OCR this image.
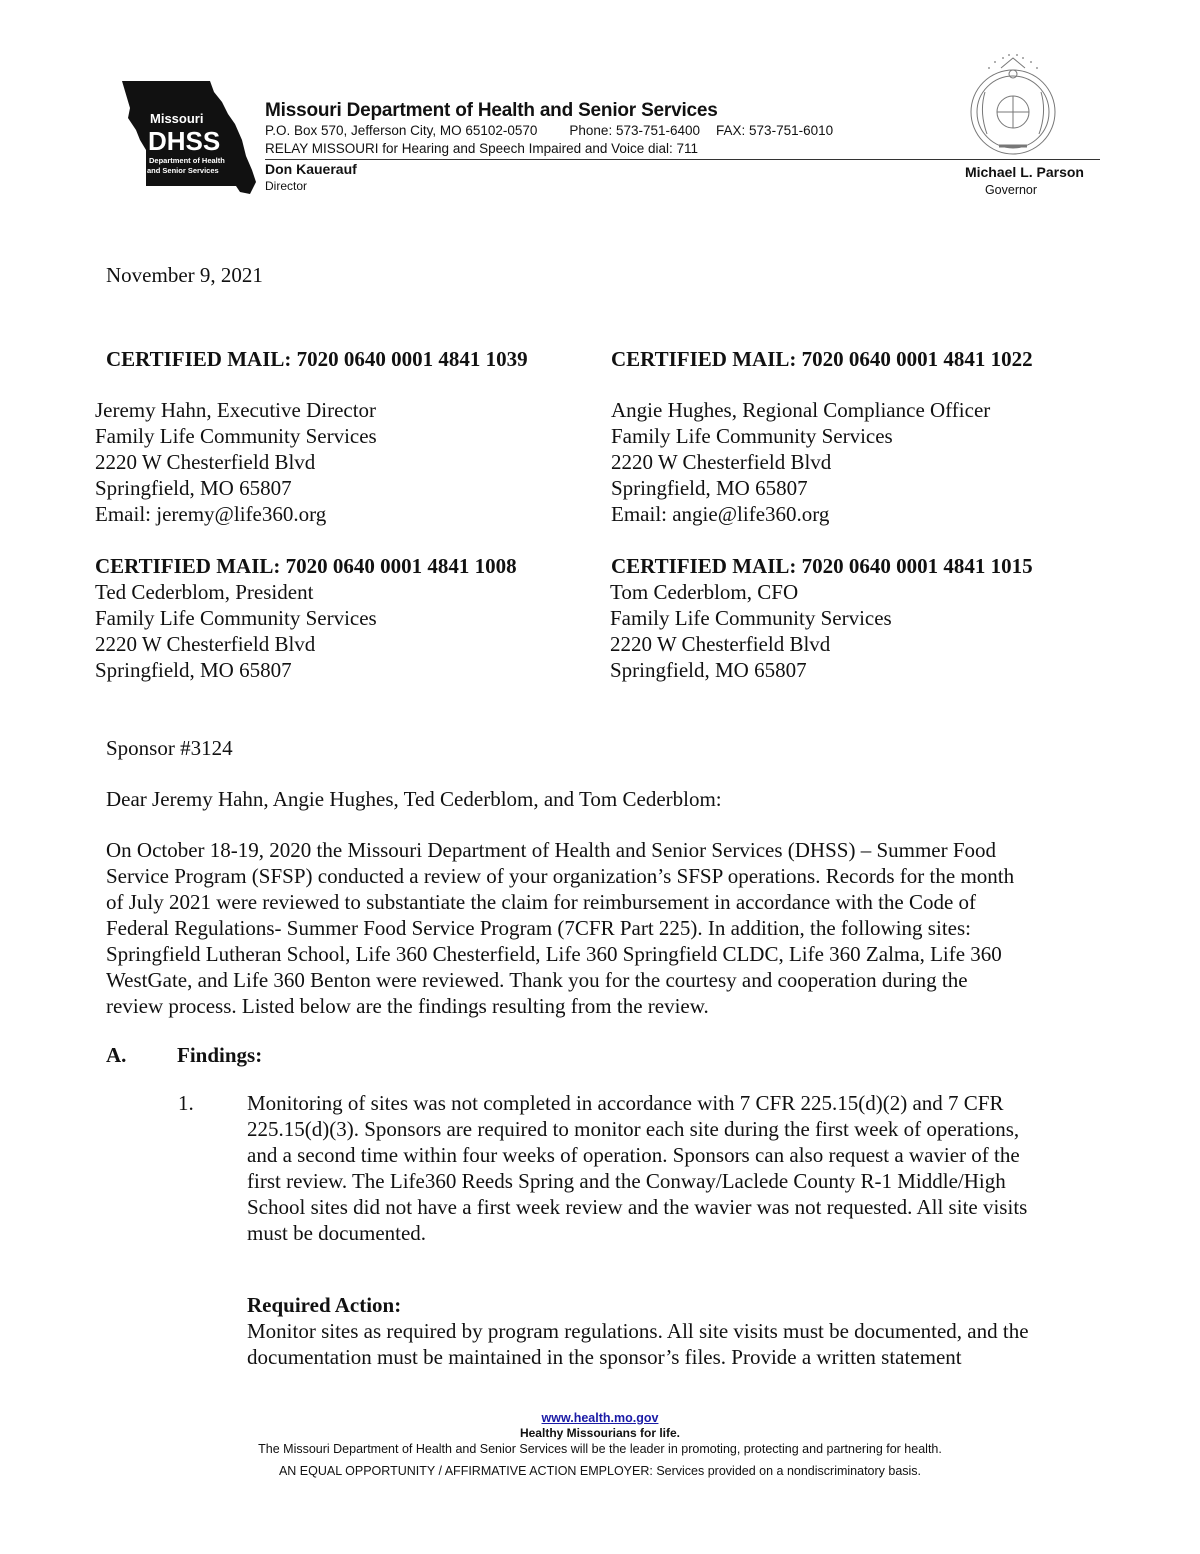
Missouri
DHSS
Department of Health
and Senior Services
Missouri Department of Health and Senior Services
P.O. Box 570, Jefferson City, MO 65102-0570 Phone: 573-751-6400 FAX: 573-751-6010
RELAY MISSOURI for Hearing and Speech Impaired and Voice dial: 711
Don Kauerauf
Director
Michael L. Parson
Governor
November 9, 2021
CERTIFIED MAIL: 7020 0640 0001 4841 1039
Jeremy Hahn, Executive Director
Family Life Community Services
2220 W Chesterfield Blvd
Springfield, MO 65807
Email: jeremy@life360.org
CERTIFIED MAIL: 7020 0640 0001 4841 1022
Angie Hughes, Regional Compliance Officer
Family Life Community Services
2220 W Chesterfield Blvd
Springfield, MO 65807
Email: angie@life360.org
CERTIFIED MAIL: 7020 0640 0001 4841 1008
Ted Cederblom, President
Family Life Community Services
2220 W Chesterfield Blvd
Springfield, MO 65807
CERTIFIED MAIL: 7020 0640 0001 4841 1015
Tom Cederblom, CFO
Family Life Community Services
2220 W Chesterfield Blvd
Springfield, MO 65807
Sponsor #3124
Dear Jeremy Hahn, Angie Hughes, Ted Cederblom, and Tom Cederblom:
On October 18-19, 2020 the Missouri Department of Health and Senior Services (DHSS) – Summer Food
Service Program (SFSP) conducted a review of your organization’s SFSP operations. Records for the month
of July 2021 were reviewed to substantiate the claim for reimbursement in accordance with the Code of
Federal Regulations- Summer Food Service Program (7CFR Part 225). In addition, the following sites:
Springfield Lutheran School, Life 360 Chesterfield, Life 360 Springfield CLDC, Life 360 Zalma, Life 360
WestGate, and Life 360 Benton were reviewed. Thank you for the courtesy and cooperation during the
review process. Listed below are the findings resulting from the review.
A. Findings:
1.	Monitoring of sites was not completed in accordance with 7 CFR 225.15(d)(2) and 7 CFR
225.15(d)(3). Sponsors are required to monitor each site during the first week of operations,
and a second time within four weeks of operation. Sponsors can also request a wavier of the
first review. The Life360 Reeds Spring and the Conway/Laclede County R-1 Middle/High
School sites did not have a first week review and the wavier was not requested. All site visits
must be documented.
Required Action:
Monitor sites as required by program regulations. All site visits must be documented, and the
documentation must be maintained in the sponsor’s files. Provide a written statement
www.health.mo.gov
Healthy Missourians for life.
The Missouri Department of Health and Senior Services will be the leader in promoting, protecting and partnering for health.
AN EQUAL OPPORTUNITY / AFFIRMATIVE ACTION EMPLOYER: Services provided on a nondiscriminatory basis.
